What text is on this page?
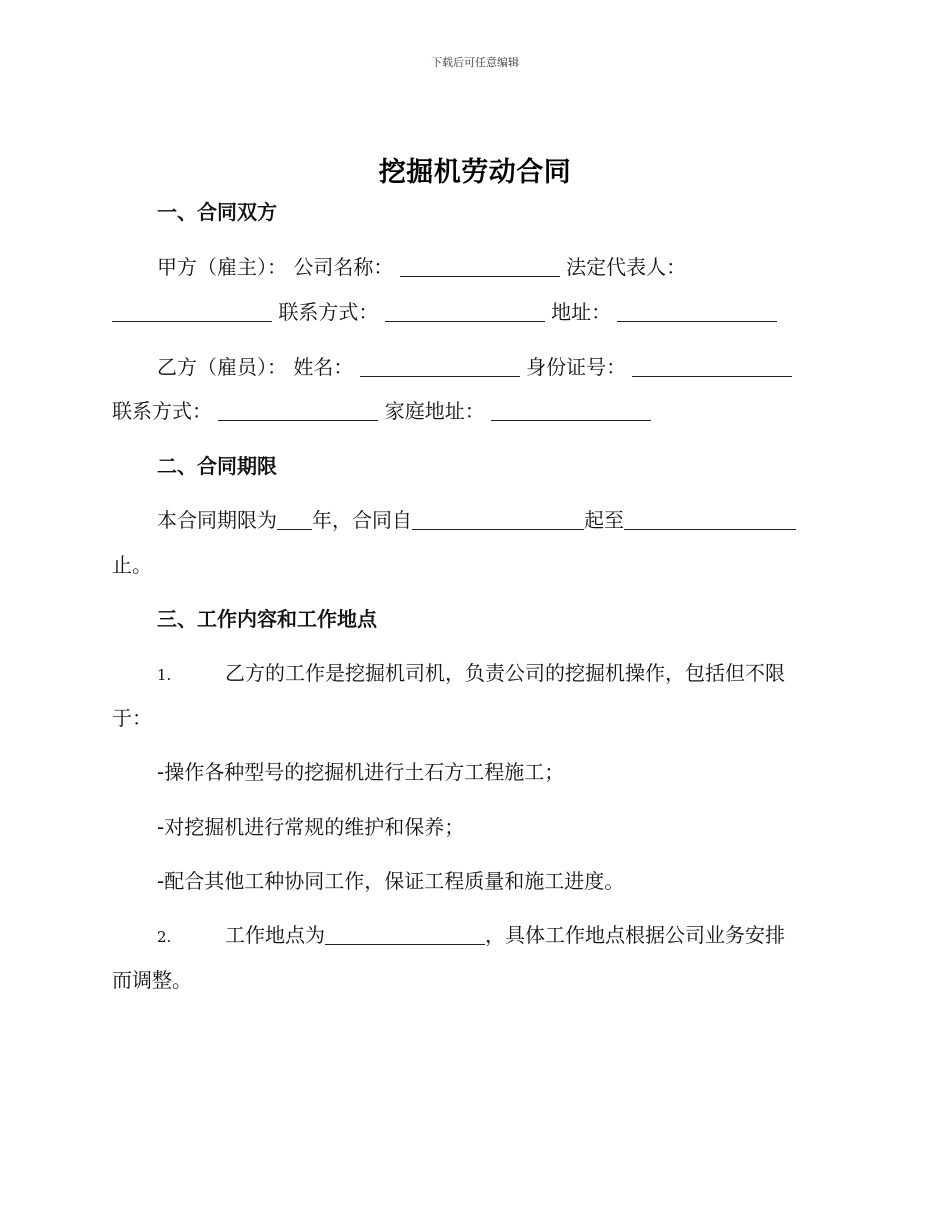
下载后可任意编辑
挖掘机劳动合同
一、合同双方
甲方（雇主）： 公司名称：	法定代表人：
联系方式：	地址：
乙方（雇员）： 姓名：	身份证号：
联系方式：	家庭地址：
二、合同期限
本合同期限为 年，合同自	起至
止。
三、工作内容和工作地点
1.	乙方的工作是挖掘机司机，负责公司的挖掘机操作，包括但不限
于：
-操作各种型号的挖掘机进行土石方工程施工；
-对挖掘机进行常规的维护和保养；
-配合其他工种协同工作，保证工程质量和施工进度。
2.	工作地点为	，具体工作地点根据公司业务安排
而调整。
